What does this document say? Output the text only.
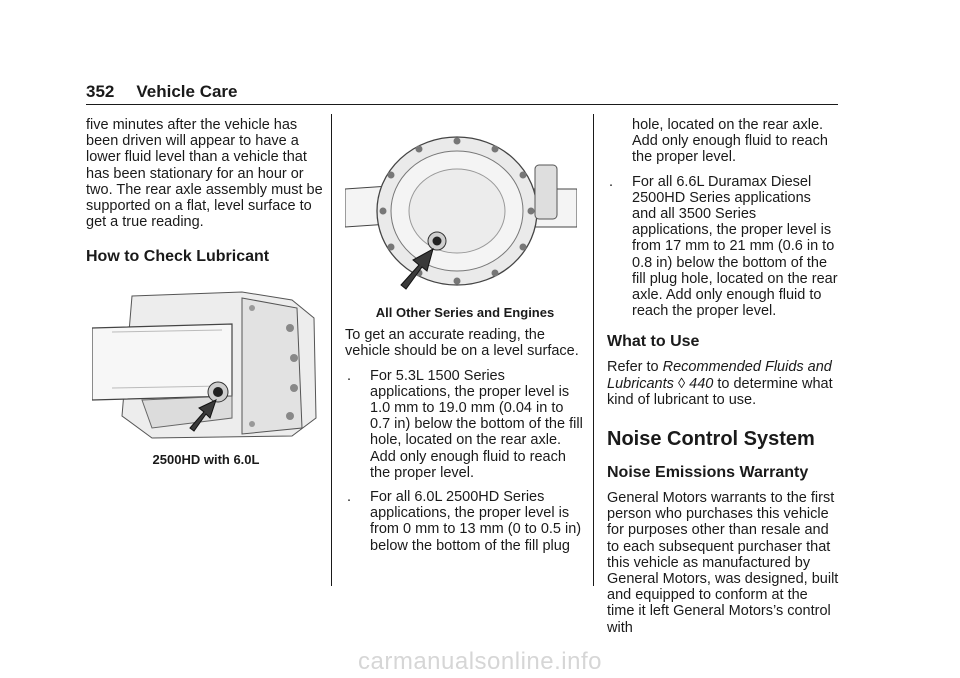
352 Vehicle Care

five minutes after the vehicle has been driven will appear to have a lower fluid level than a vehicle that has been stationary for an hour or two. The rear axle assembly must be supported on a flat, level surface to get a true reading.

How to Check Lubricant

2500HD with 6.0L

All Other Series and Engines

To get an accurate reading, the vehicle should be on a level surface.

. For 5.3L 1500 Series applications, the proper level is 1.0 mm to 19.0 mm (0.04 in to 0.7 in) below the bottom of the fill hole, located on the rear axle. Add only enough fluid to reach the proper level.

. For all 6.0L 2500HD Series applications, the proper level is from 0 mm to 13 mm (0 to 0.5 in) below the bottom of the fill plug

hole, located on the rear axle. Add only enough fluid to reach the proper level.

. For all 6.6L Duramax Diesel 2500HD Series applications and all 3500 Series applications, the proper level is from 17 mm to 21 mm (0.6 in to 0.8 in) below the bottom of the fill plug hole, located on the rear axle. Add only enough fluid to reach the proper level.

What to Use

Refer to Recommended Fluids and Lubricants ◊ 440 to determine what kind of lubricant to use.

Noise Control System
Noise Emissions Warranty

General Motors warrants to the first person who purchases this vehicle for purposes other than resale and to each subsequent purchaser that this vehicle as manufactured by General Motors, was designed, built and equipped to conform at the time it left General Motors’s control with

carmanualsonline.info
